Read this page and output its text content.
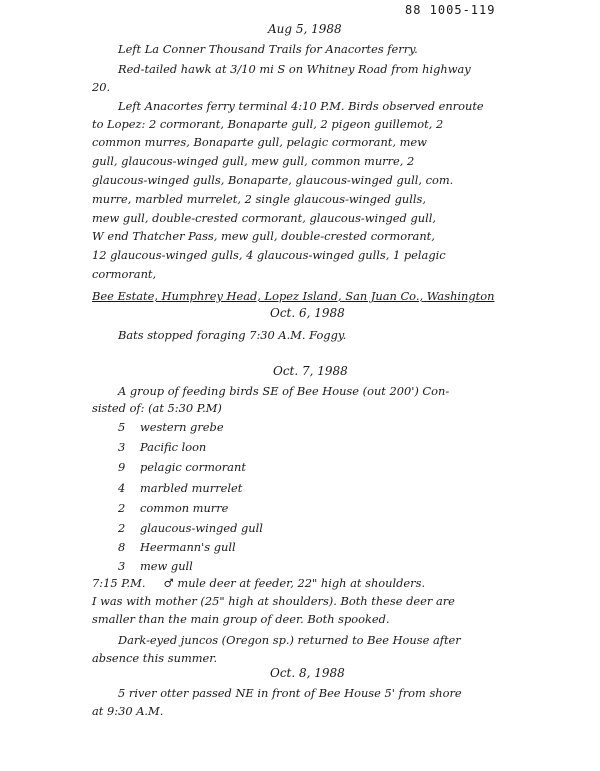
88 1005-119
Aug 5, 1988
Left La Conner Thousand Trails for Anacortes ferry.
Red-tailed hawk at 3/10 mi S on Whitney Road from highway
20.
Left Anacortes ferry terminal 4:10 P.M. Birds observed enroute
to Lopez: 2 cormorant, Bonaparte gull, 2 pigeon guillemot, 2
common murres, Bonaparte gull, pelagic cormorant, mew
gull, glaucous-winged gull, mew gull, common murre, 2
glaucous-winged gulls, Bonaparte, glaucous-winged gull, com.
murre, marbled murrelet, 2 single glaucous-winged gulls,
mew gull, double-crested cormorant, glaucous-winged gull,
W end Thatcher Pass, mew gull, double-crested cormorant,
12 glaucous-winged gulls, 4 glaucous-winged gulls, 1 pelagic
cormorant,
Bee Estate, Humphrey Head, Lopez Island, San Juan Co., Washington
Oct. 6, 1988
Bats stopped foraging 7:30 A.M. Foggy.
Oct. 7, 1988
A group of feeding birds SE of Bee House (out 200') Con-
sisted of: (at 5:30 P.M)
5 western grebe
3 Pacific loon
9 pelagic cormorant
4 marbled murrelet
2 common murre
2 glaucous-winged gull
8 Heermann's gull
3 mew gull
7:15 P.M.     ♂ mule deer at feeder, 22" high at shoulders.
I was with mother (25" high at shoulders). Both these deer are
smaller than the main group of deer. Both spooked.
Dark-eyed juncos (Oregon sp.) returned to Bee House after
absence this summer.
Oct. 8, 1988
5 river otter passed NE in front of Bee House 5' from shore
at 9:30 A.M.
